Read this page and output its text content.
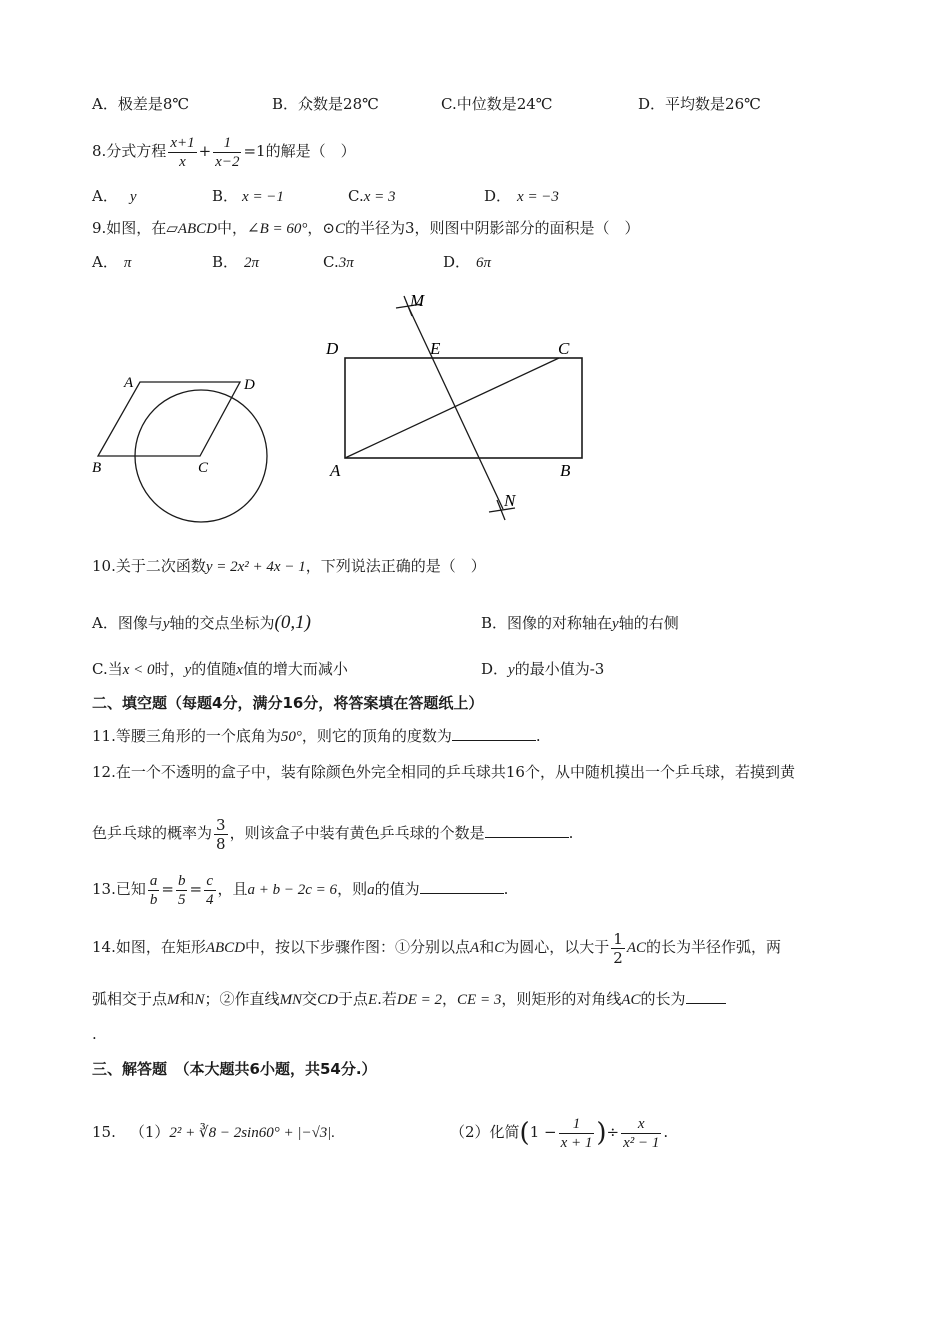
A．极差是8℃	B．众数是28℃	C.中位数是24℃	D．平均数是26℃
8.分式方程 $\frac{x+1}{x} + \frac{1}{x-2} =1$的解是（　）
A． y	B． x = −1	C.x = 3	D． x = −3
9.如图，在▱ABCD中，∠B = 60°，⊙C的半径为3，则图中阴影部分的面积是（　）
A． π	B． 2π	C.3π	D． 6π
A	D
B	C
M
D	E	C
A	B
N
10.关于二次函数y = 2x² + 4x − 1，下列说法正确的是（　）
A．图像与y轴的交点坐标为(0,1)	B．图像的对称轴在y轴的右侧
C.当x < 0时，y的值随x值的增大而减小	D．y的最小值为-3
二、填空题（每题4分，满分16分，将答案填在答题纸上）
11.等腰三角形的一个底角为50°，则它的顶角的度数为	.
12.在一个不透明的盒子中，装有除颜色外完全相同的乒乓球共16个，从中随机摸出一个乒乓球，若摸到黄
色乒乓球的概率为 $\frac{3}{8}$ ，则该盒子中装有黄色乒乓球的个数是	.
13.已知 $\frac{a}{b} = \frac{b}{5} = \frac{c}{4}$ ，且a + b − 2c = 6，则a的值为	.
14.如图，在矩形ABCD中，按以下步骤作图：①分别以点A和C为圆心，以大于 $\frac{1}{2}$ AC的长为半径作弧，两
弧相交于点M和N；②作直线MN交CD于点E.若DE = 2，CE = 3，则矩形的对角线AC的长为
.
三、解答题　（本大题共6小题，共54分.）
15. （1）2² + ∛8 − 2sin60° + |−√3|.	（2）化简($1 - \frac{1}{x + 1}$ )÷ $\frac{x}{\text{x² − 1}}$ .
